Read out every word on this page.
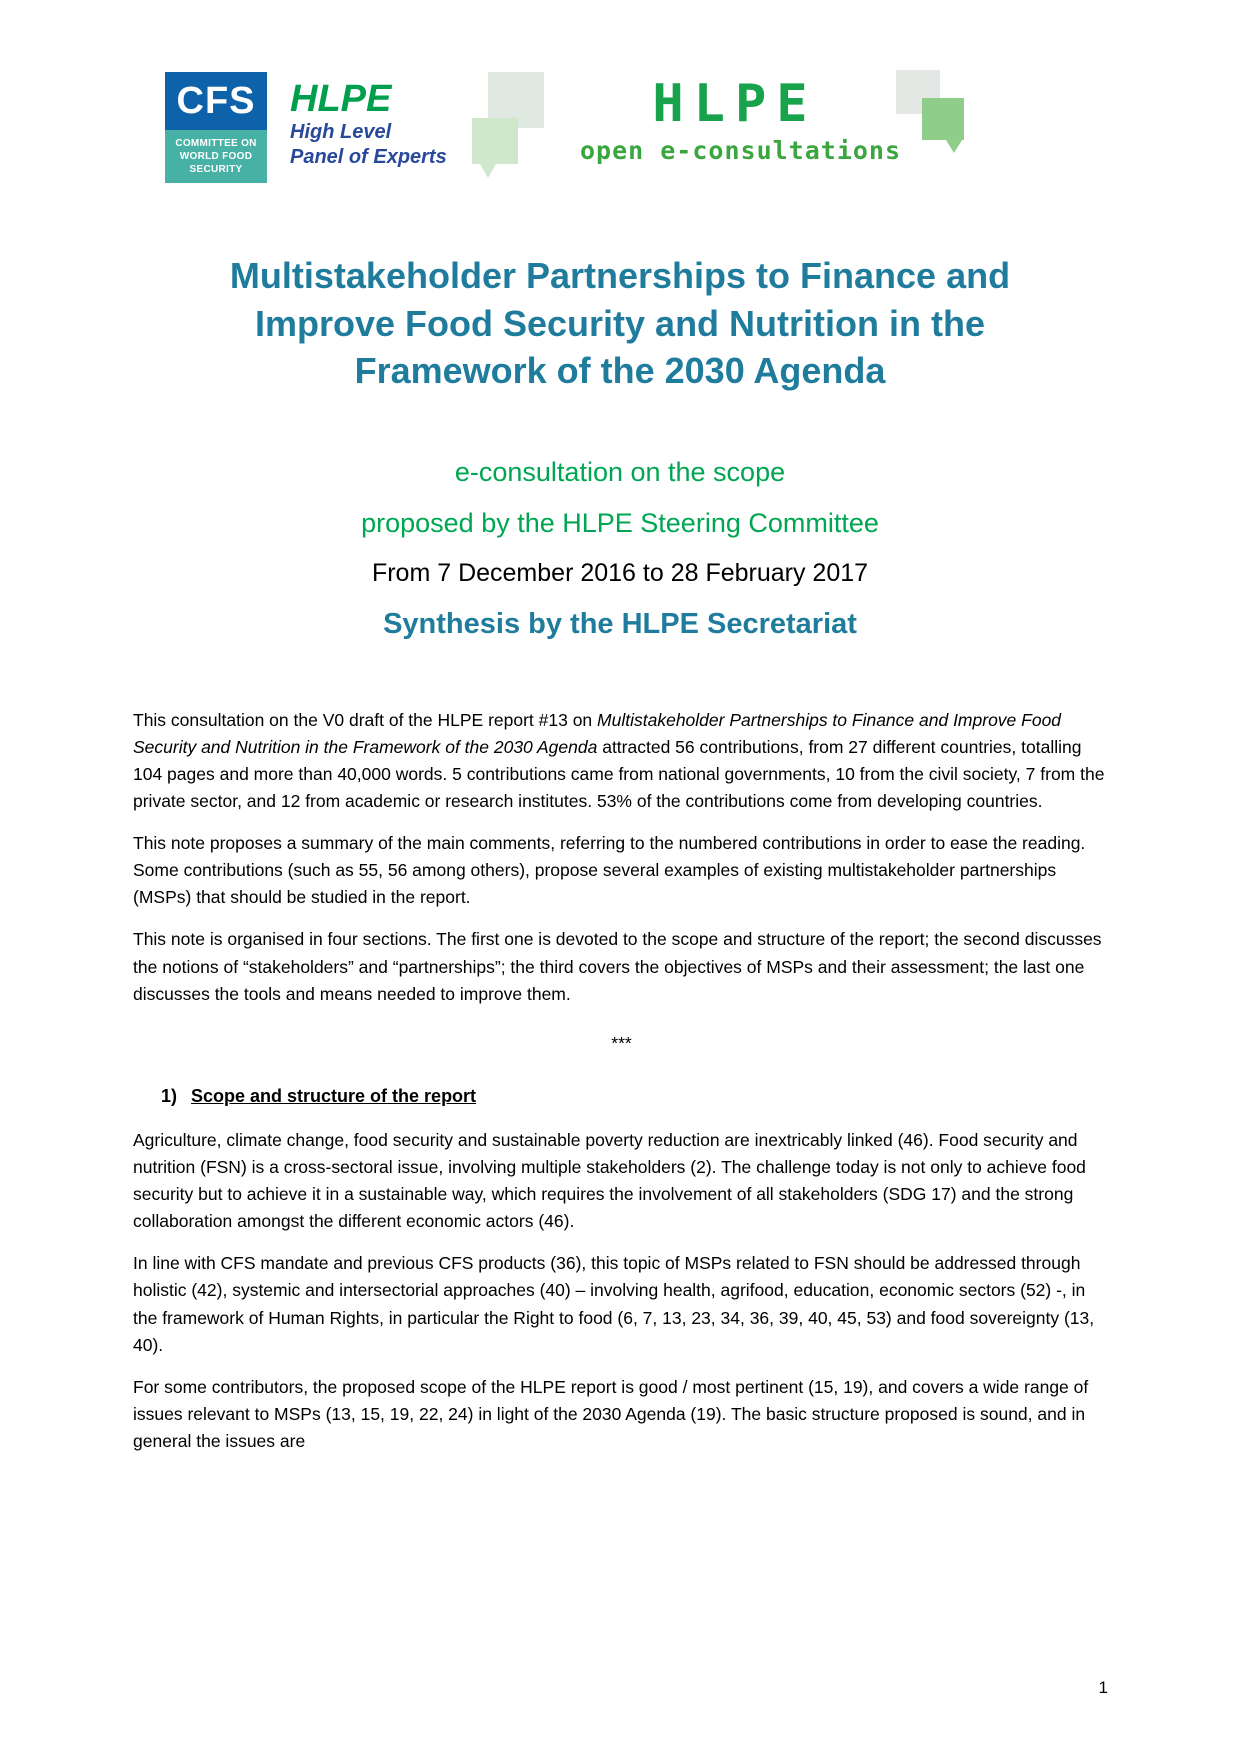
CFS
COMMITTEE ON
WORLD FOOD
SECURITY
HLPE
High Level
Panel of Experts
HLPE
open e-consultations
Multistakeholder Partnerships to Finance and Improve Food Security and Nutrition in the Framework of the 2030 Agenda

e-consultation on the scope

proposed by the HLPE Steering Committee

From 7 December 2016 to 28 February 2017

Synthesis by the HLPE Secretariat

This consultation on the V0 draft of the HLPE report #13 on Multistakeholder Partnerships to Finance and Improve Food Security and Nutrition in the Framework of the 2030 Agenda attracted 56 contributions, from 27 different countries, totalling 104 pages and more than 40,000 words. 5 contributions came from national governments, 10 from the civil society, 7 from the private sector, and 12 from academic or research institutes. 53% of the contributions come from developing countries.

This note proposes a summary of the main comments, referring to the numbered contributions in order to ease the reading. Some contributions (such as 55, 56 among others), propose several examples of existing multistakeholder partnerships (MSPs) that should be studied in the report.

This note is organised in four sections. The first one is devoted to the scope and structure of the report; the second discusses the notions of “stakeholders” and “partnerships”; the third covers the objectives of MSPs and their assessment; the last one discusses the tools and means needed to improve them.

***
1) Scope and structure of the report

Agriculture, climate change, food security and sustainable poverty reduction are inextricably linked (46). Food security and nutrition (FSN) is a cross-sectoral issue, involving multiple stakeholders (2). The challenge today is not only to achieve food security but to achieve it in a sustainable way, which requires the involvement of all stakeholders (SDG 17) and the strong collaboration amongst the different economic actors (46).

In line with CFS mandate and previous CFS products (36), this topic of MSPs related to FSN should be addressed through holistic (42), systemic and intersectorial approaches (40) – involving health, agrifood, education, economic sectors (52) -, in the framework of Human Rights, in particular the Right to food (6, 7, 13, 23, 34, 36, 39, 40, 45, 53) and food sovereignty (13, 40).

For some contributors, the proposed scope of the HLPE report is good / most pertinent (15, 19), and covers a wide range of issues relevant to MSPs (13, 15, 19, 22, 24) in light of the 2030 Agenda (19). The basic structure proposed is sound, and in general the issues are

1
